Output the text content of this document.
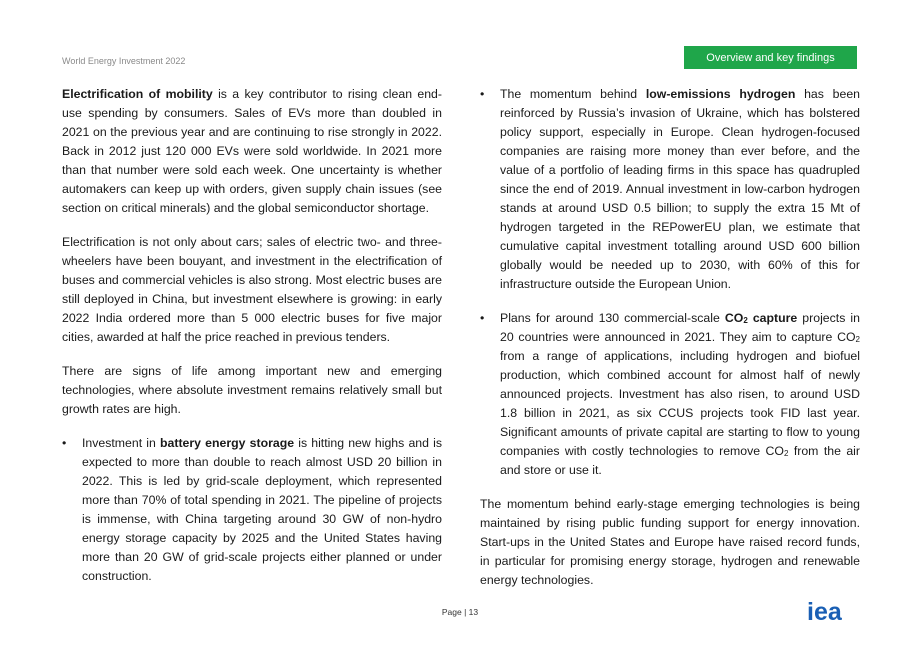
World Energy Investment 2022	Overview and key findings

Electrification of mobility is a key contributor to rising clean end-use spending by consumers. Sales of EVs more than doubled in 2021 on the previous year and are continuing to rise strongly in 2022. Back in 2012 just 120 000 EVs were sold worldwide. In 2021 more than that number were sold each week. One uncertainty is whether automakers can keep up with orders, given supply chain issues (see section on critical minerals) and the global semiconductor shortage.

Electrification is not only about cars; sales of electric two- and three-wheelers have been bouyant, and investment in the electrification of buses and commercial vehicles is also strong. Most electric buses are still deployed in China, but investment elsewhere is growing: in early 2022 India ordered more than 5 000 electric buses for five major cities, awarded at half the price reached in previous tenders.

There are signs of life among important new and emerging technologies, where absolute investment remains relatively small but growth rates are high.

• Investment in battery energy storage is hitting new highs and is expected to more than double to reach almost USD 20 billion in 2022. This is led by grid-scale deployment, which represented more than 70% of total spending in 2021. The pipeline of projects is immense, with China targeting around 30 GW of non-hydro energy storage capacity by 2025 and the United States having more than 20 GW of grid-scale projects either planned or under construction.
• The momentum behind low-emissions hydrogen has been reinforced by Russia’s invasion of Ukraine, which has bolstered policy support, especially in Europe. Clean hydrogen-focused companies are raising more money than ever before, and the value of a portfolio of leading firms in this space has quadrupled since the end of 2019. Annual investment in low-carbon hydrogen stands at around USD 0.5 billion; to supply the extra 15 Mt of hydrogen targeted in the REPowerEU plan, we estimate that cumulative capital investment totalling around USD 600 billion globally would be needed up to 2030, with 60% of this for infrastructure outside the European Union.
• Plans for around 130 commercial-scale $CO_2$ capture projects in 20 countries were announced in 2021. They aim to capture $CO_2$ from a range of applications, including hydrogen and biofuel production, which combined account for almost half of newly announced projects. Investment has also risen, to around USD 1.8 billion in 2021, as six CCUS projects took FID last year. Significant amounts of private capital are starting to flow to young companies with costly technologies to remove $CO_2$ from the air and store or use it.

The momentum behind early-stage emerging technologies is being maintained by rising public funding support for energy innovation. Start-ups in the United States and Europe have raised record funds, in particular for promising energy storage, hydrogen and renewable energy technologies.

Page | 13	iea
